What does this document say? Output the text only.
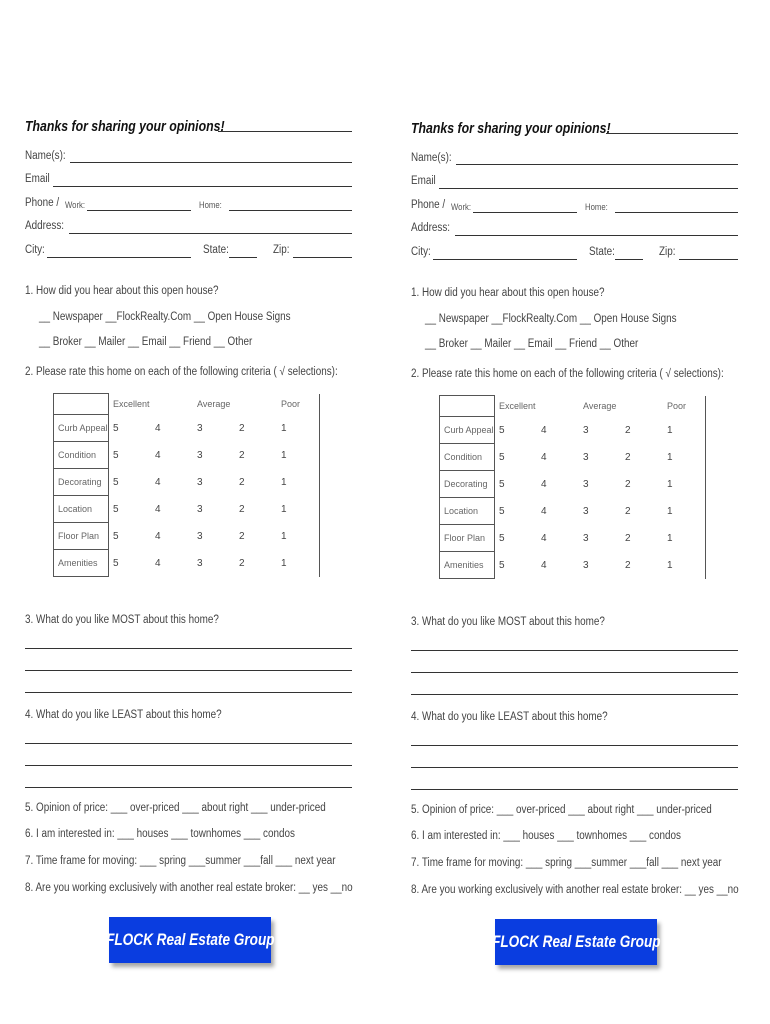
Thanks for sharing your opinions!
Name(s):
Email
Phone / Work:	Home:
Address:
City:	State:	Zip:
1. How did you hear about this open house?
__ Newspaper __FlockRealty.Com __ Open House Signs
__ Broker __ Mailer __ Email __ Friend __ Other
2. Please rate this home on each of the following criteria ( √ selections):
	Excellent		Average		Poor
Curb Appeal	5	4	3	2	1
Condition	5	4	3	2	1
Decorating	5	4	3	2	1
Location	5	4	3	2	1
Floor Plan	5	4	3	2	1
Amenities	5	4	3	2	1
3. What do you like MOST about this home?
4. What do you like LEAST about this home?
5. Opinion of price: ___ over-priced ___ about right ___ under-priced
6. I am interested in: ___ houses ___ townhomes ___ condos
7. Time frame for moving: ___ spring ___summer ___fall ___ next year
8. Are you working exclusively with another real estate broker: __ yes __no
FLOCK Real Estate Group
Thanks for sharing your opinions!
Name(s):
Email
Phone / Work:	Home:
Address:
City:	State:	Zip:
1. How did you hear about this open house?
__ Newspaper __FlockRealty.Com __ Open House Signs
__ Broker __ Mailer __ Email __ Friend __ Other
2. Please rate this home on each of the following criteria ( √ selections):
	Excellent		Average		Poor
Curb Appeal	5	4	3	2	1
Condition	5	4	3	2	1
Decorating	5	4	3	2	1
Location	5	4	3	2	1
Floor Plan	5	4	3	2	1
Amenities	5	4	3	2	1
3. What do you like MOST about this home?
4. What do you like LEAST about this home?
5. Opinion of price: ___ over-priced ___ about right ___ under-priced
6. I am interested in: ___ houses ___ townhomes ___ condos
7. Time frame for moving: ___ spring ___summer ___fall ___ next year
8. Are you working exclusively with another real estate broker: __ yes __no
FLOCK Real Estate Group
